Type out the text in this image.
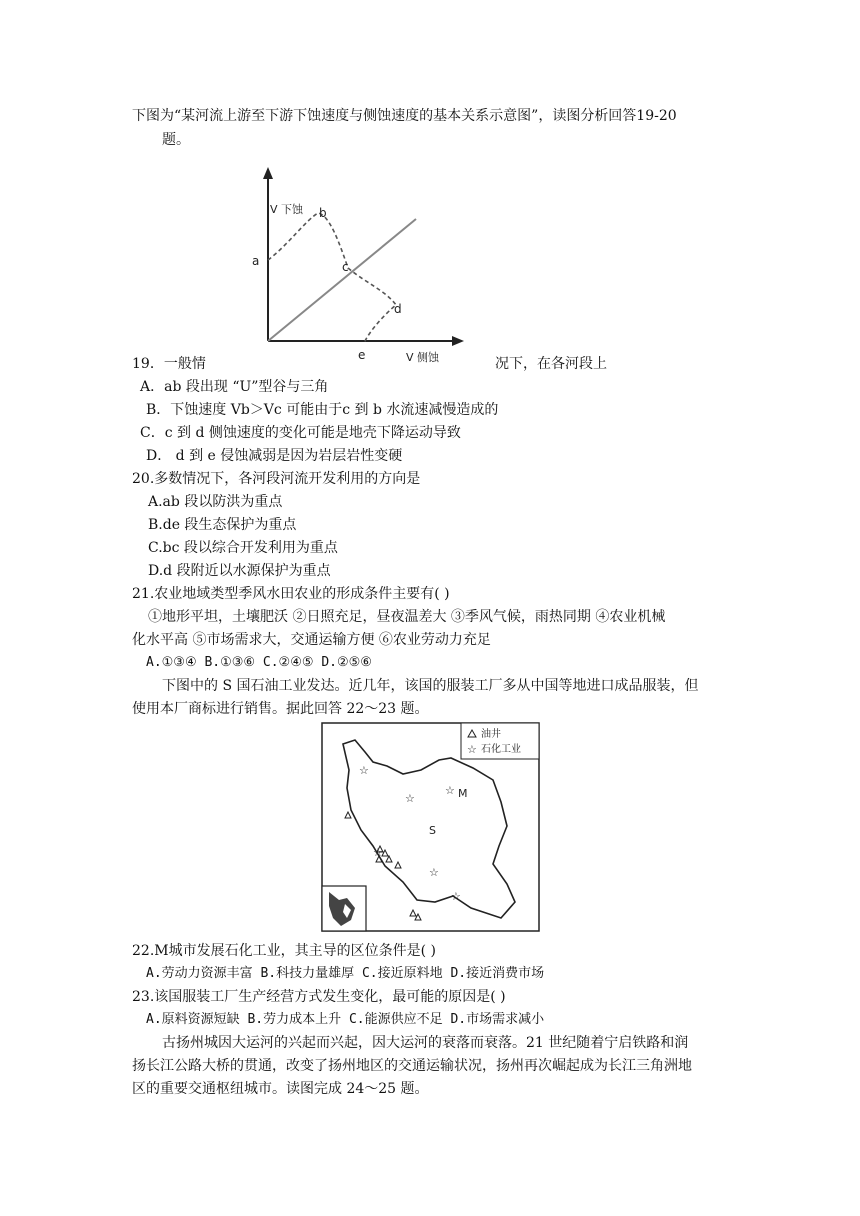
下图为“某河流上游至下游下蚀速度与侧蚀速度的基本关系示意图”，读图分析回答19-20
题。
V 下蚀
V 侧蚀
a
b
c
d
e
19．一般情	况下，在各河段上
A．ab 段出现 “U”型谷与三角
B．下蚀速度 Vb＞Vc 可能由于c 到 b 水流速减慢造成的
C．c 到 d 侧蚀速度的变化可能是地壳下降运动导致
D． d 到 e 侵蚀减弱是因为岩层岩性变硬
20.多数情况下，各河段河流开发利用的方向是
A.ab 段以防洪为重点
B.de 段生态保护为重点
C.bc 段以综合开发利用为重点
D.d 段附近以水源保护为重点
21.农业地域类型季风水田农业的形成条件主要有( )
①地形平坦，土壤肥沃 ②日照充足，昼夜温差大 ③季风气候，雨热同期 ④农业机械
化水平高 ⑤市场需求大，交通运输方便 ⑥农业劳动力充足
A.①③④ B.①③⑥ C.②④⑤ D.②⑤⑥
下图中的 S 国石油工业发达。近几年，该国的服装工厂多从中国等地进口成品服装，但
使用本厂商标进行销售。据此回答 22～23 题。
油井
☆ 石化工业
☆
☆
☆
☆
☆
☆
M
S
22.M城市发展石化工业，其主导的区位条件是( )
A.劳动力资源丰富 B.科技力量雄厚 C.接近原料地 D.接近消费市场
23.该国服装工厂生产经营方式发生变化，最可能的原因是( )
A.原料资源短缺 B.劳力成本上升 C.能源供应不足 D.市场需求减小
古扬州城因大运河的兴起而兴起，因大运河的衰落而衰落。21 世纪随着宁启铁路和润
扬长江公路大桥的贯通，改变了扬州地区的交通运输状况，扬州再次崛起成为长江三角洲地
区的重要交通枢纽城市。读图完成 24～25 题。
